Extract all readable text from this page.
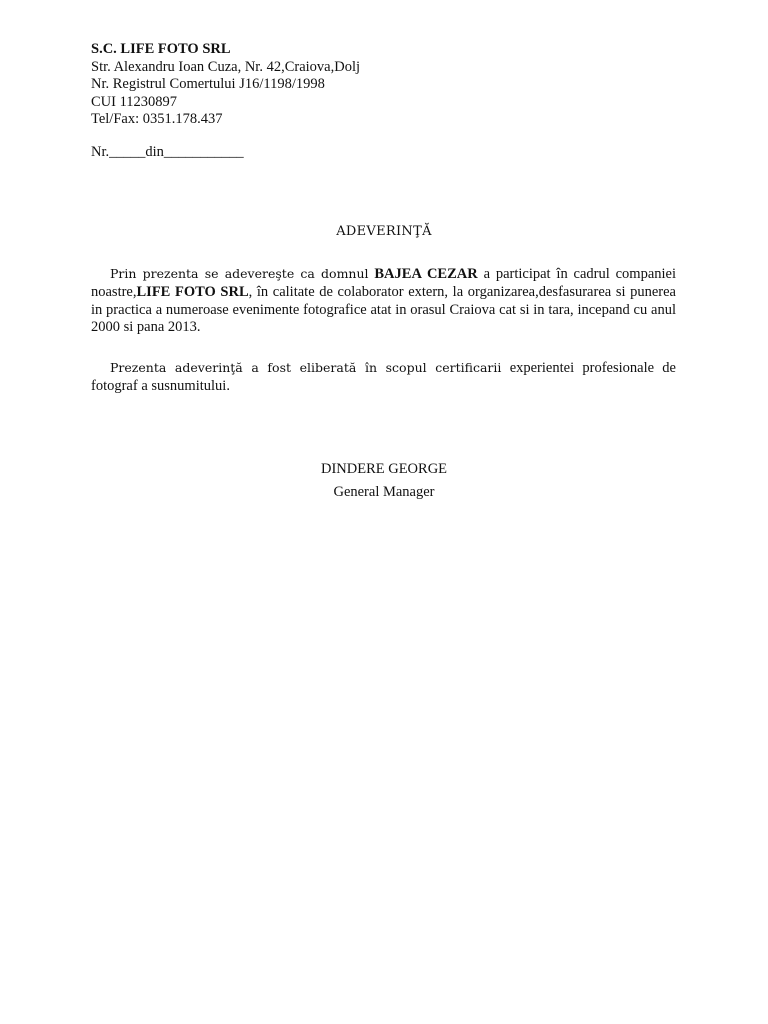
S.C. LIFE FOTO SRL
Str. Alexandru Ioan Cuza, Nr. 42,Craiova,Dolj
Nr. Registrul Comertului J16/1198/1998
CUI 11230897
Tel/Fax: 0351.178.437
Nr._____din___________
ADEVERINŢĂ
Prin prezenta se adevereşte ca domnul BAJEA CEZAR a participat în cadrul companiei noastre,LIFE FOTO SRL, în calitate de colaborator extern, la organizarea,desfasurarea si punerea in practica a numeroase evenimente fotografice atat in orasul Craiova cat si in tara, incepand cu anul 2000 si pana 2013.
Prezenta adeverinţă a fost eliberată în scopul certificarii experientei profesionale de fotograf a susnumitului.
DINDERE GEORGE
General Manager
